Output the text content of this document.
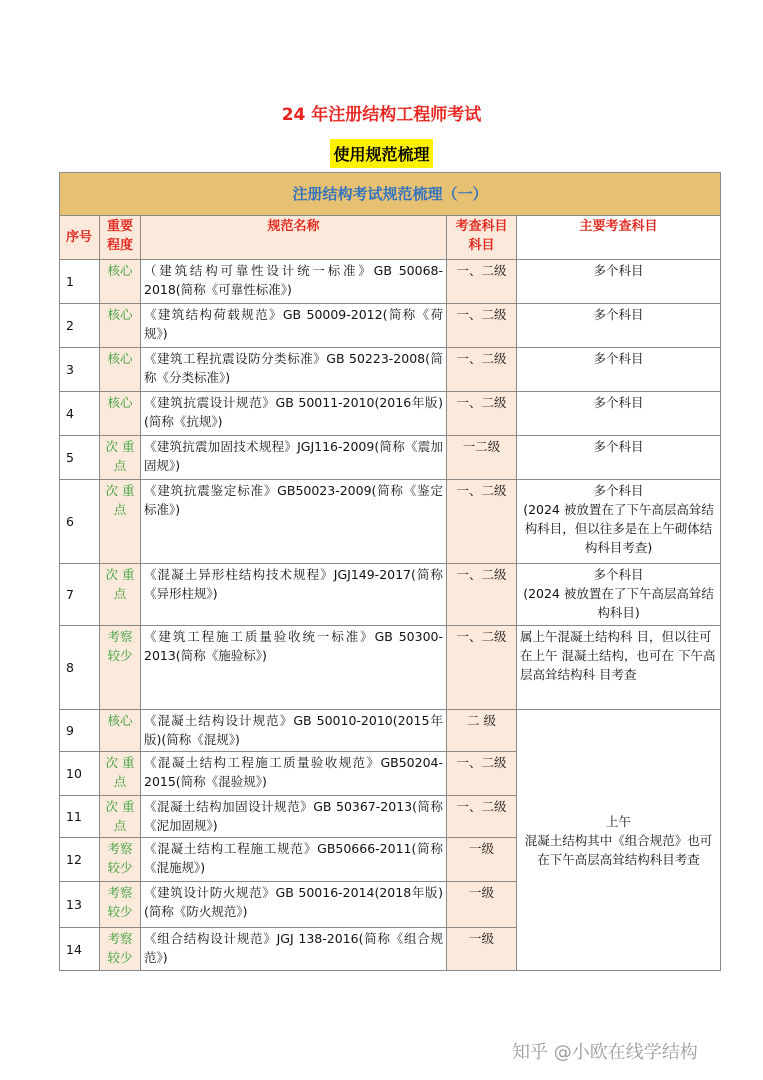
24 年注册结构工程师考试
使用规范梳理
注册结构考试规范梳理（一）				
序号	重要程度	规范名称	考查科目科目	主要考查科目
1	核心	（建筑结构可靠性设计统一标准》GB 50068-2018(简称《可靠性标准》)	一、二级	多个科目
2	核心	《建筑结构荷载规范》GB 50009-2012(简称《荷规》)	一、二级	多个科目
3	核心	《建筑工程抗震设防分类标准》GB 50223-2008(简称《分类标准》)	一、二级	多个科目
4	核心	《建筑抗震设计规范》GB 50011-2010(2016年版)(简称《抗规》)	一、二级	多个科目
5	次 重点	《建筑抗震加固技术规程》JGJ116-2009(简称《震加固规》)	一二级	多个科目
6	次 重点	《建筑抗震鉴定标准》GB50023-2009(简称《鉴定标准》)	一、二级	多个科目
(2024 被放置在了下午高层高耸结构科目，但以往多是在上午砌体结构科目考查)
7	次 重点	《混凝土异形柱结构技术规程》JGJ149-2017(简称《异形柱规》)	一、二级	多个科目
(2024 被放置在了下午高层高耸结构科目)
8	考察较少	《建筑工程施工质量验收统一标准》GB 50300-2013(简称《施验标》)	一、二级	属上午混凝土结构科 目，但以往可在上午 混凝土结构，也可在 下午高层高耸结构科 目考查
9	核心	《混凝土结构设计规范》GB 50010-2010(2015年版)(简称《混规》)	二 级	上午
混凝土结构其中《组合规范》也可在下午高层高耸结构科目考查
10	次 重点	《混凝土结构工程施工质量验收规范》GB50204-2015(简称《混验规》)	一、二级	
11	次 重点	《混凝土结构加固设计规范》GB 50367-2013(简称《泥加固规》)	一、二级	
12	考察较少	《混凝土结构工程施工规范》GB50666-2011(简称《混施规》)	一级	
13	考察较少	《建筑设计防火规范》GB 50016-2014(2018年版)(简称《防火规范》)	一级	
14	考察较少	《组合结构设计规范》JGJ 138-2016(简称《组合规范》)	一级	
知乎 @小欧在线学结构
